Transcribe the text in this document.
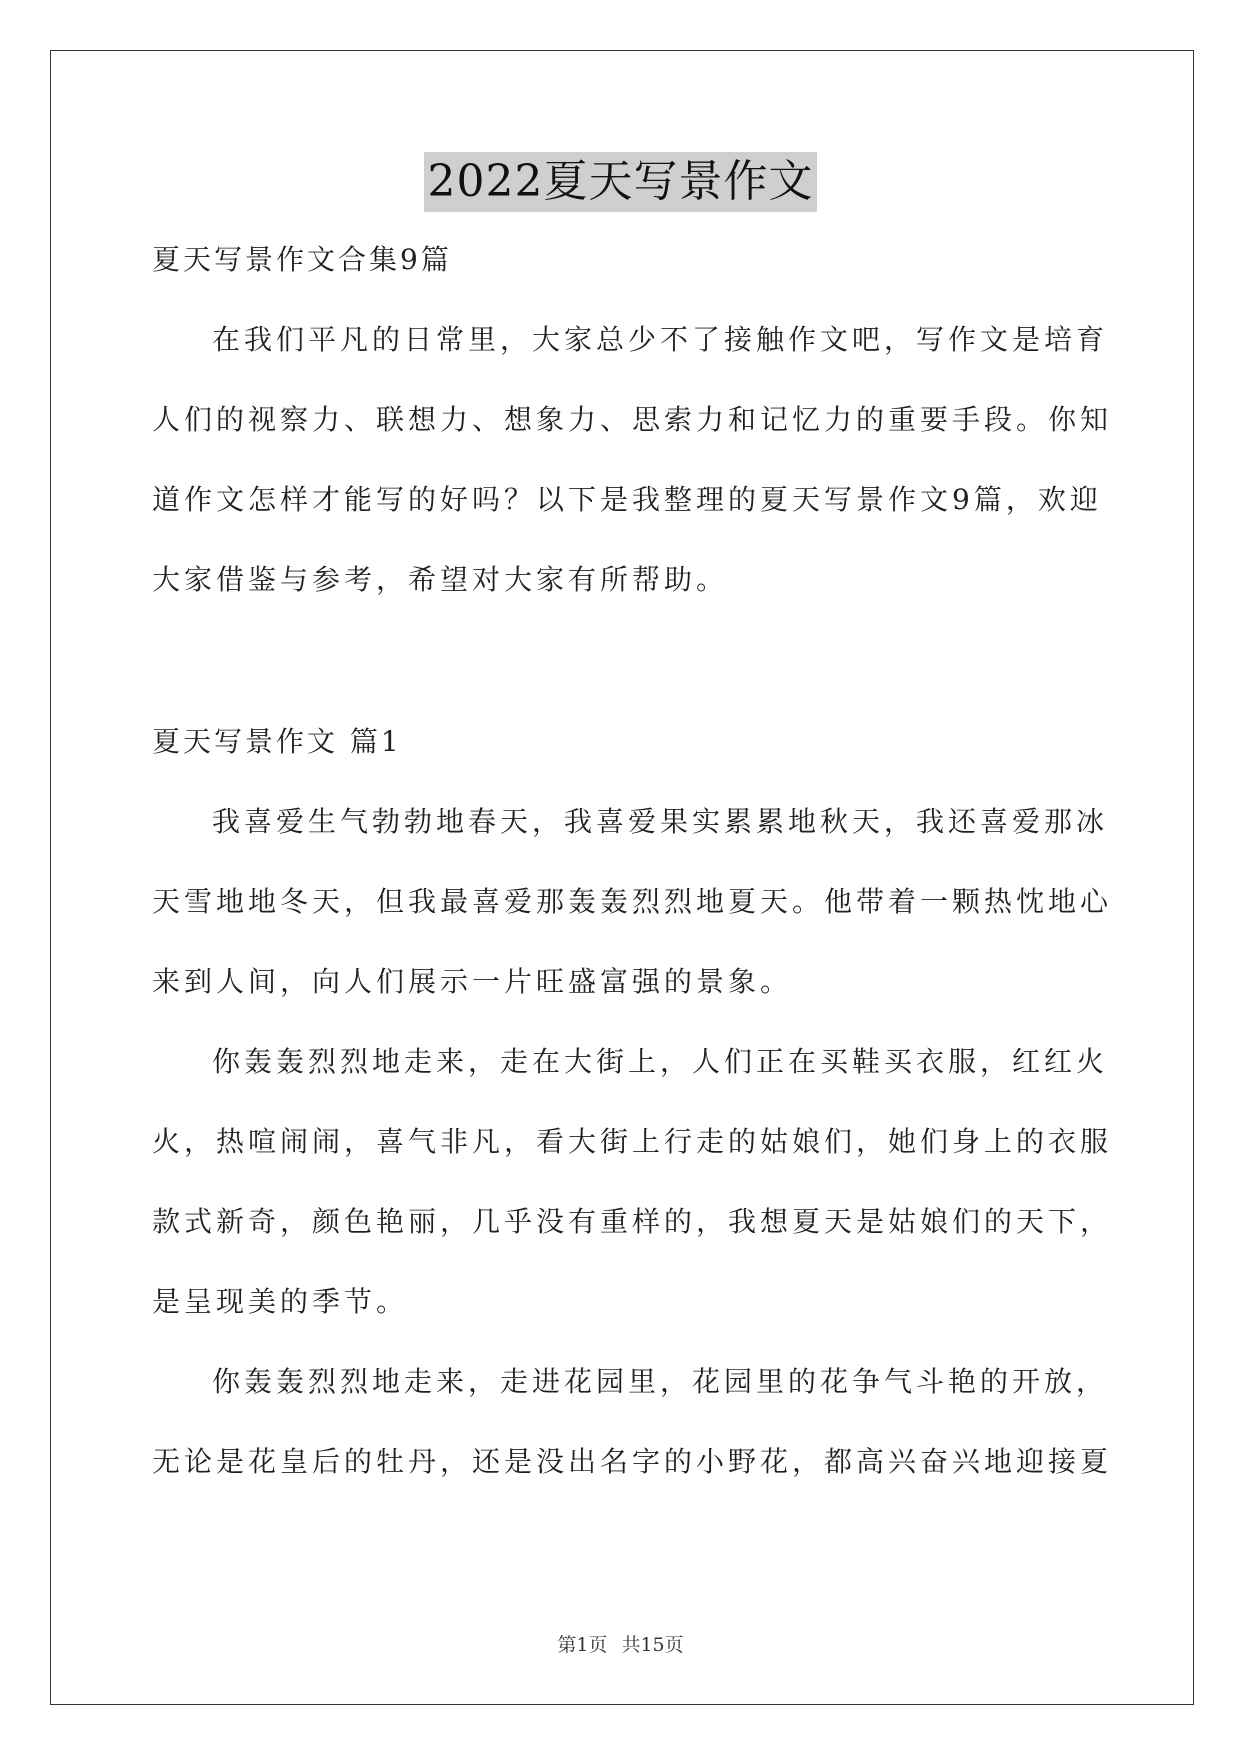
2022夏天写景作文
夏天写景作文合集9篇
在我们平凡的日常里，大家总少不了接触作文吧，写作文是培育
人们的视察力、联想力、想象力、思索力和记忆力的重要手段。你知
道作文怎样才能写的好吗？以下是我整理的夏天写景作文9篇，欢迎
大家借鉴与参考，希望对大家有所帮助。
夏天写景作文 篇1
我喜爱生气勃勃地春天，我喜爱果实累累地秋天，我还喜爱那冰
天雪地地冬天，但我最喜爱那轰轰烈烈地夏天。他带着一颗热忱地心
来到人间，向人们展示一片旺盛富强的景象。
你轰轰烈烈地走来，走在大街上，人们正在买鞋买衣服，红红火
火，热喧闹闹，喜气非凡，看大街上行走的姑娘们，她们身上的衣服
款式新奇，颜色艳丽，几乎没有重样的，我想夏天是姑娘们的天下，
是呈现美的季节。
你轰轰烈烈地走来，走进花园里，花园里的花争气斗艳的开放，
无论是花皇后的牡丹，还是没出名字的小野花，都高兴奋兴地迎接夏
第1页 共15页
